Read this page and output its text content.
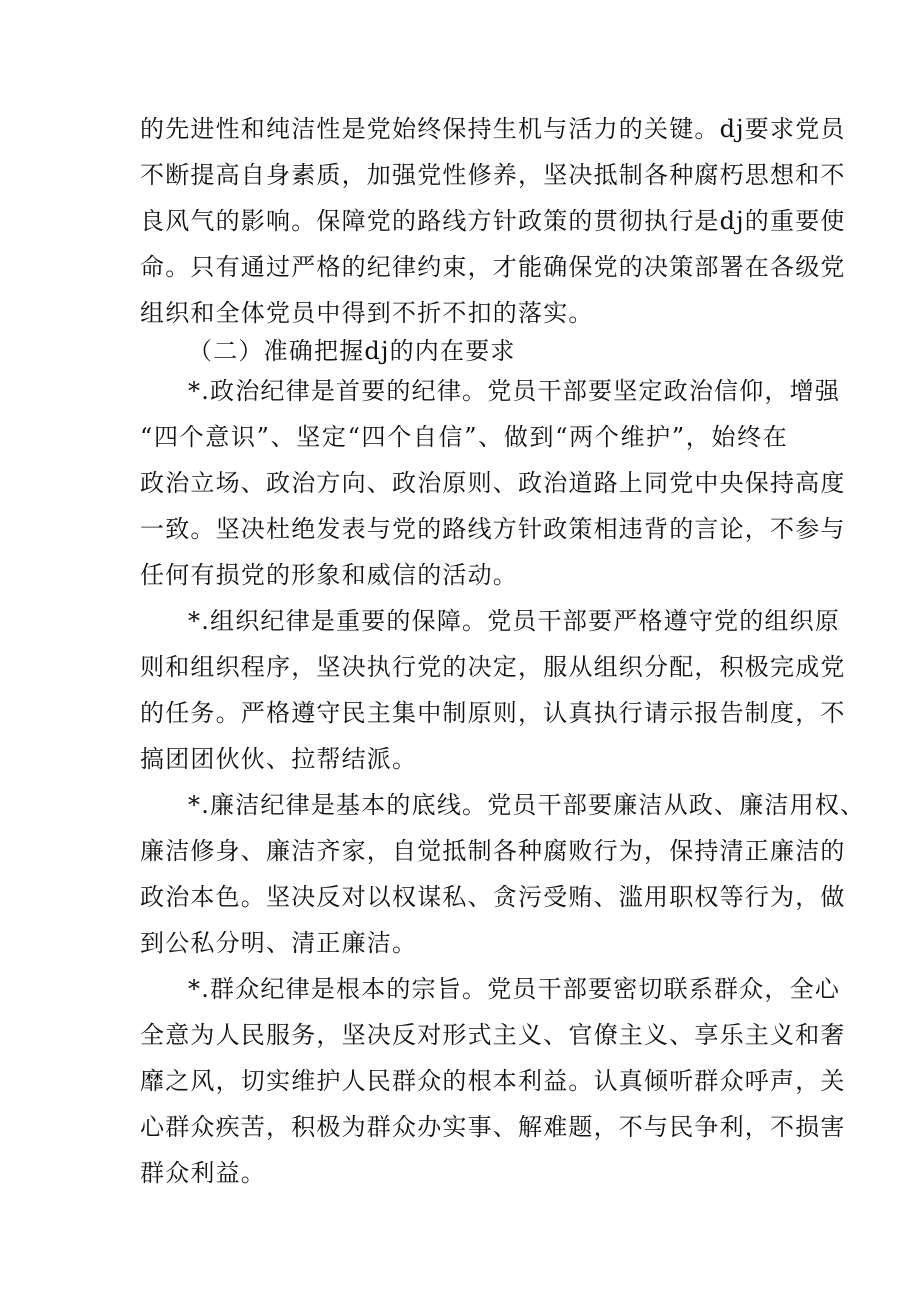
的先进性和纯洁性是党始终保持生机与活力的关键。dj要求党员
不断提高自身素质，加强党性修养，坚决抵制各种腐朽思想和不
良风气的影响。保障党的路线方针政策的贯彻执行是dj的重要使
命。只有通过严格的纪律约束，才能确保党的决策部署在各级党
组织和全体党员中得到不折不扣的落实。
（二）准确把握dj的内在要求
*.政治纪律是首要的纪律。党员干部要坚定政治信仰，增强
“四个意识”、坚定“四个自信”、做到“两个维护”，始终在
政治立场、政治方向、政治原则、政治道路上同党中央保持高度
一致。坚决杜绝发表与党的路线方针政策相违背的言论，不参与
任何有损党的形象和威信的活动。
*.组织纪律是重要的保障。党员干部要严格遵守党的组织原
则和组织程序，坚决执行党的决定，服从组织分配，积极完成党
的任务。严格遵守民主集中制原则，认真执行请示报告制度，不
搞团团伙伙、拉帮结派。
*.廉洁纪律是基本的底线。党员干部要廉洁从政、廉洁用权、
廉洁修身、廉洁齐家，自觉抵制各种腐败行为，保持清正廉洁的
政治本色。坚决反对以权谋私、贪污受贿、滥用职权等行为，做
到公私分明、清正廉洁。
*.群众纪律是根本的宗旨。党员干部要密切联系群众，全心
全意为人民服务，坚决反对形式主义、官僚主义、享乐主义和奢
靡之风，切实维护人民群众的根本利益。认真倾听群众呼声，关
心群众疾苦，积极为群众办实事、解难题，不与民争利，不损害
群众利益。
